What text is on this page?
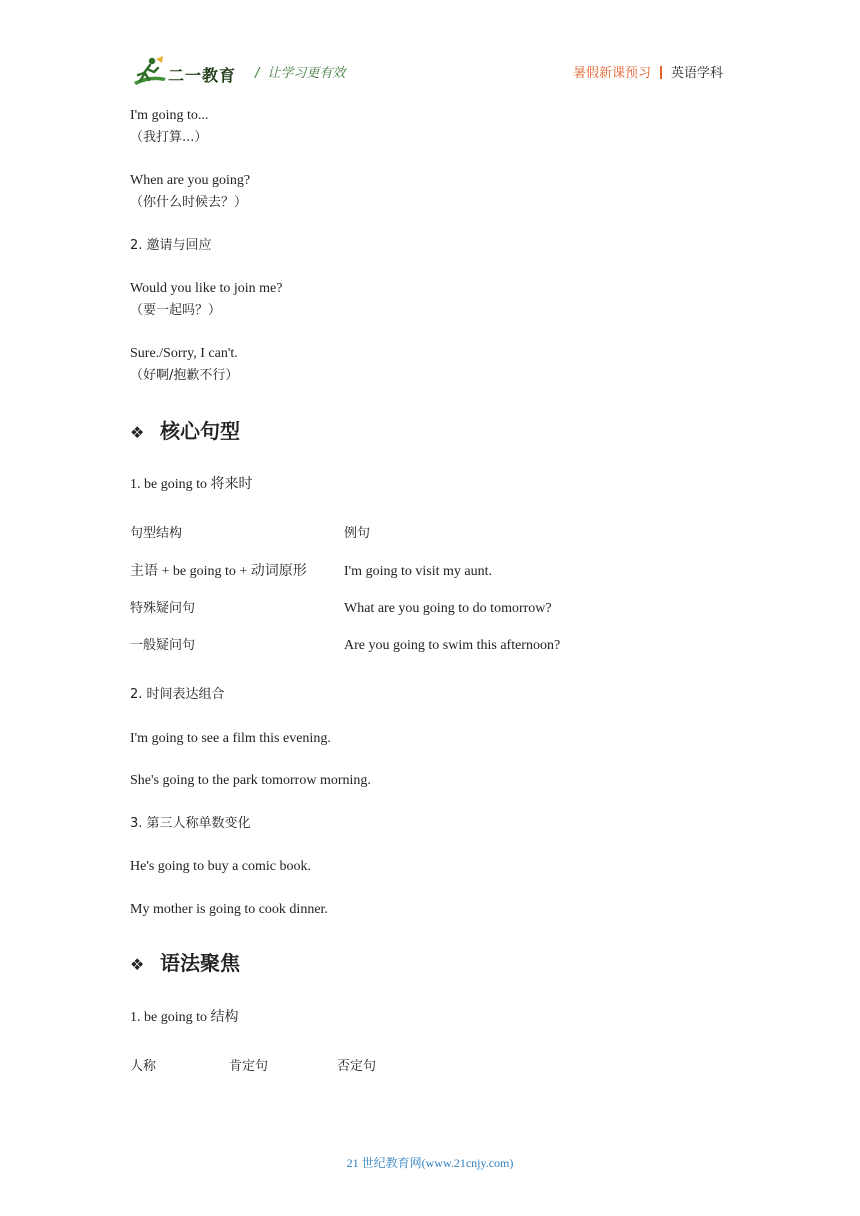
二一教育 / 让学习更有效	暑假新课预习 英语学科
I'm going to...
（我打算...）
When are you going?
（你什么时候去？）
2. 邀请与回应
Would you like to join me?
（要一起吗？）
Sure./Sorry, I can't.
（好啊/抱歉不行）
❖ 核心句型
1. be going to 将来时
句型结构	例句
主语 + be going to + 动词原形	I'm going to visit my aunt.
特殊疑问句	What are you going to do tomorrow?
一般疑问句	Are you going to swim this afternoon?
2. 时间表达组合
I'm going to see a film this evening.
She's going to the park tomorrow morning.
3. 第三人称单数变化
He's going to buy a comic book.
My mother is going to cook dinner.
❖ 语法聚焦
1. be going to 结构
人称	肯定句	否定句
21 世纪教育网(www.21cnjy.com)
